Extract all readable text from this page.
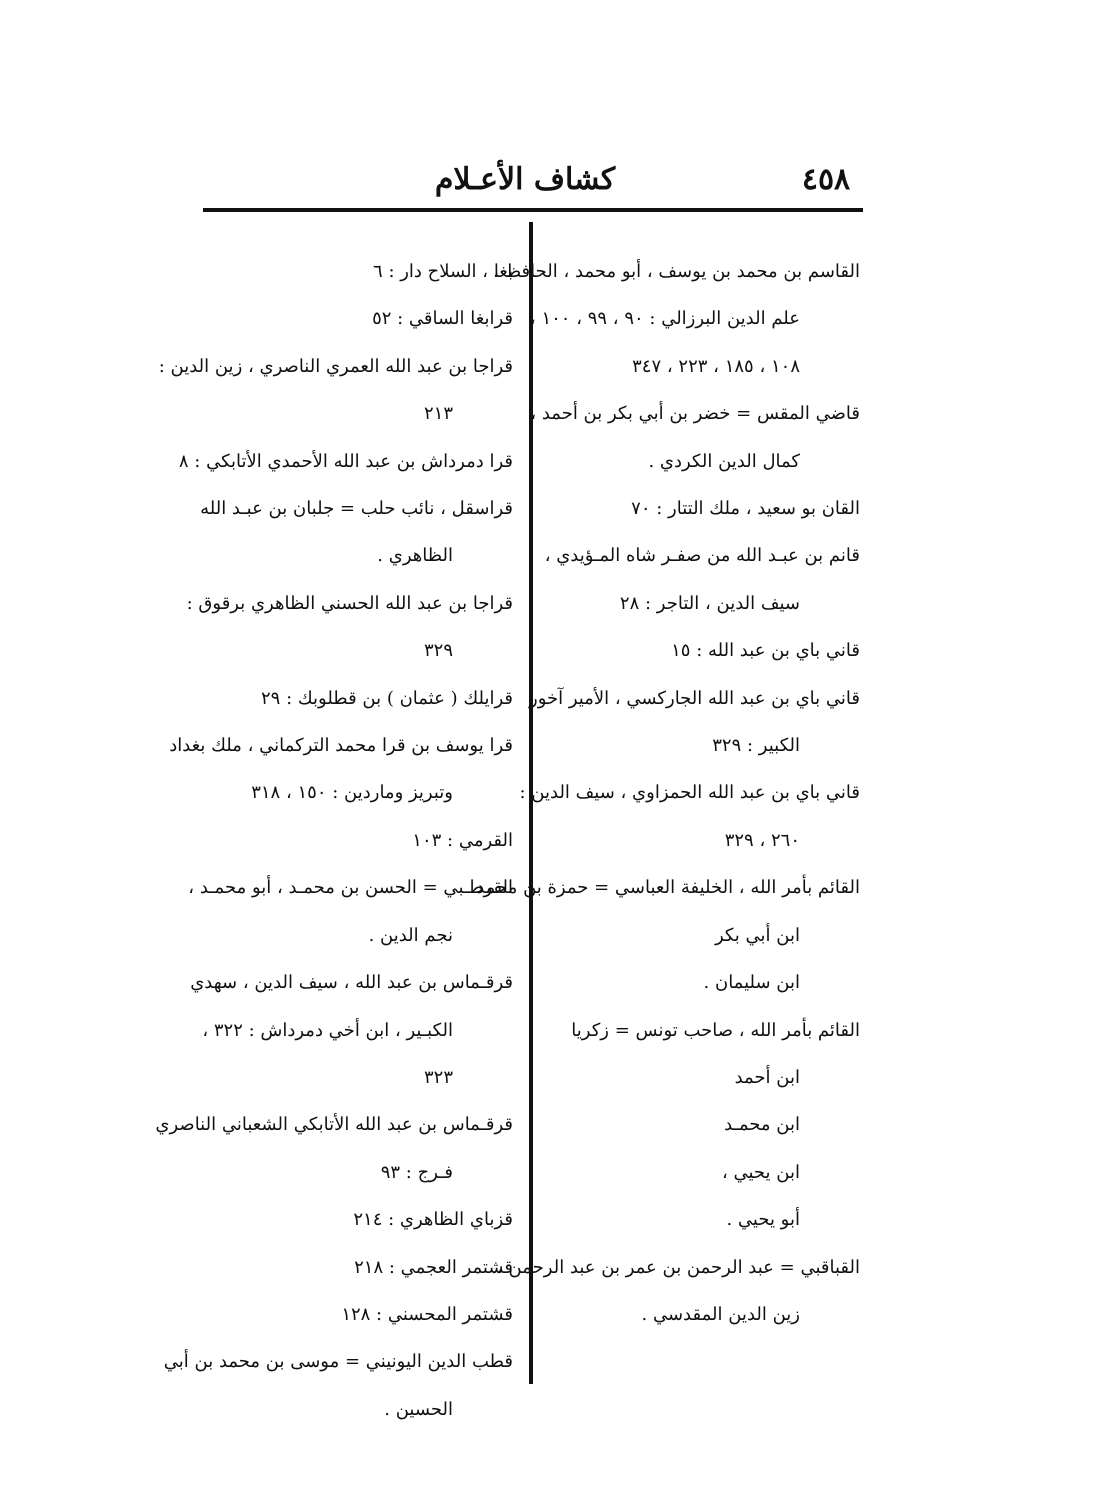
٤٥٨
كشاف الأعـلام
القاسم بن محمد بن يوسف ، أبو محمد ، الحافظ ،
علم الدين البرزالي : ٩٠ ، ٩٩ ، ١٠٠ ،
١٠٨ ، ١٨٥ ، ٢٢٣ ، ٣٤٧
قاضي المقس = خضر بن أبي بكر بن أحمد ،
كمال الدين الكردي .
القان بو سعيد ، ملك التتار : ٧٠
قانم بن عبـد الله من صفـر شاه المـؤيدي ،
سيف الدين ، التاجر : ٢٨
قاني باي بن عبد الله : ١٥
قاني باي بن عبد الله الجاركسي ، الأمير آخور
الكبير : ٣٢٩
قاني باي بن عبد الله الحمزاوي ، سيف الدين :
٢٦٠ ، ٣٢٩
القائم بأمر الله ، الخليفة العباسي = حمزة بن محمد
ابن أبي بكر
ابن سليمان .
القائم بأمر الله ، صاحب تونس = زكريا
ابن أحمد
ابن محمـد
ابن يحيي ،
أبو يحيي .
القباقبي = عبد الرحمن بن عمر بن عبد الرحمن ،
زين الدين المقدسي .
بغا ، السلاح دار : ٦
قرابغا الساقي : ٥٢
قراجا بن عبد الله العمري الناصري ، زين الدين :
٢١٣
قرا دمرداش بن عبد الله الأحمدي الأتابكي : ٨
قراسقل ، نائب حلب = جلبان بن عبـد الله
الظاهري .
قراجا بن عبد الله الحسني الظاهري برقوق :
٣٢٩
قرايلك ( عثمان ) بن قطلوبك : ٢٩
قرا يوسف بن قرا محمد التركماني ، ملك بغداد
وتبريز وماردين : ١٥٠ ، ٣١٨
القرمي : ١٠٣
القرطـبي = الحسن بن محمـد ، أبو محمـد ،
نجم الدين .
قرقـماس بن عبد الله ، سيف الدين ، سهدي
الكبـير ، ابن أخي دمرداش : ٣٢٢ ،
٣٢٣
قرقـماس بن عبد الله الأتابكي الشعباني الناصري
فـرج : ٩٣
قزباي الظاهري : ٢١٤
قشتمر العجمي : ٢١٨
قشتمر المحسني : ١٢٨
قطب الدين اليونيني = موسى بن محمد بن أبي
الحسين .
